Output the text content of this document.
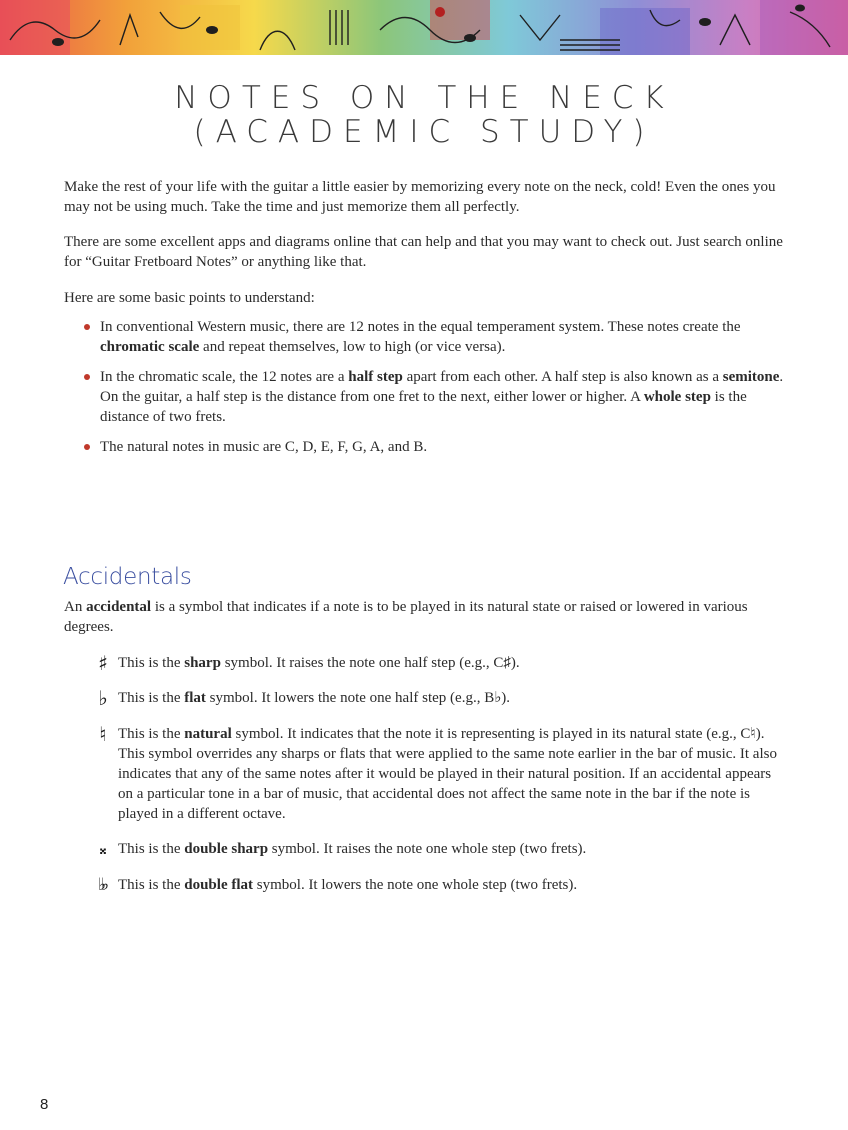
NOTES ON THE NECK
(ACADEMIC STUDY)
Make the rest of your life with the guitar a little easier by memorizing every note on the neck, cold! Even the ones you may not be using much. Take the time and just memorize them all perfectly.
There are some excellent apps and diagrams online that can help and that you may want to check out. Just search online for “Guitar Fretboard Notes” or anything like that.
Here are some basic points to understand:
In conventional Western music, there are 12 notes in the equal temperament system. These notes create the chromatic scale and repeat themselves, low to high (or vice versa).
In the chromatic scale, the 12 notes are a half step apart from each other. A half step is also known as a semitone. On the guitar, a half step is the distance from one fret to the next, either lower or higher. A whole step is the distance of two frets.
The natural notes in music are C, D, E, F, G, A, and B.
Accidentals
An accidental is a symbol that indicates if a note is to be played in its natural state or raised or lowered in various degrees.
♯ This is the sharp symbol. It raises the note one half step (e.g., C♯).
♭ This is the flat symbol. It lowers the note one half step (e.g., B♭).
♮ This is the natural symbol. It indicates that the note it is representing is played in its natural state (e.g., C♮). This symbol overrides any sharps or flats that were applied to the same note earlier in the bar of music. It also indicates that any of the same notes after it would be played in their natural position. If an accidental appears on a particular tone in a bar of music, that accidental does not affect the same note in the bar if the note is played in a different octave.
𝄪 This is the double sharp symbol. It raises the note one whole step (two frets).
♭♭ This is the double flat symbol. It lowers the note one whole step (two frets).
8
